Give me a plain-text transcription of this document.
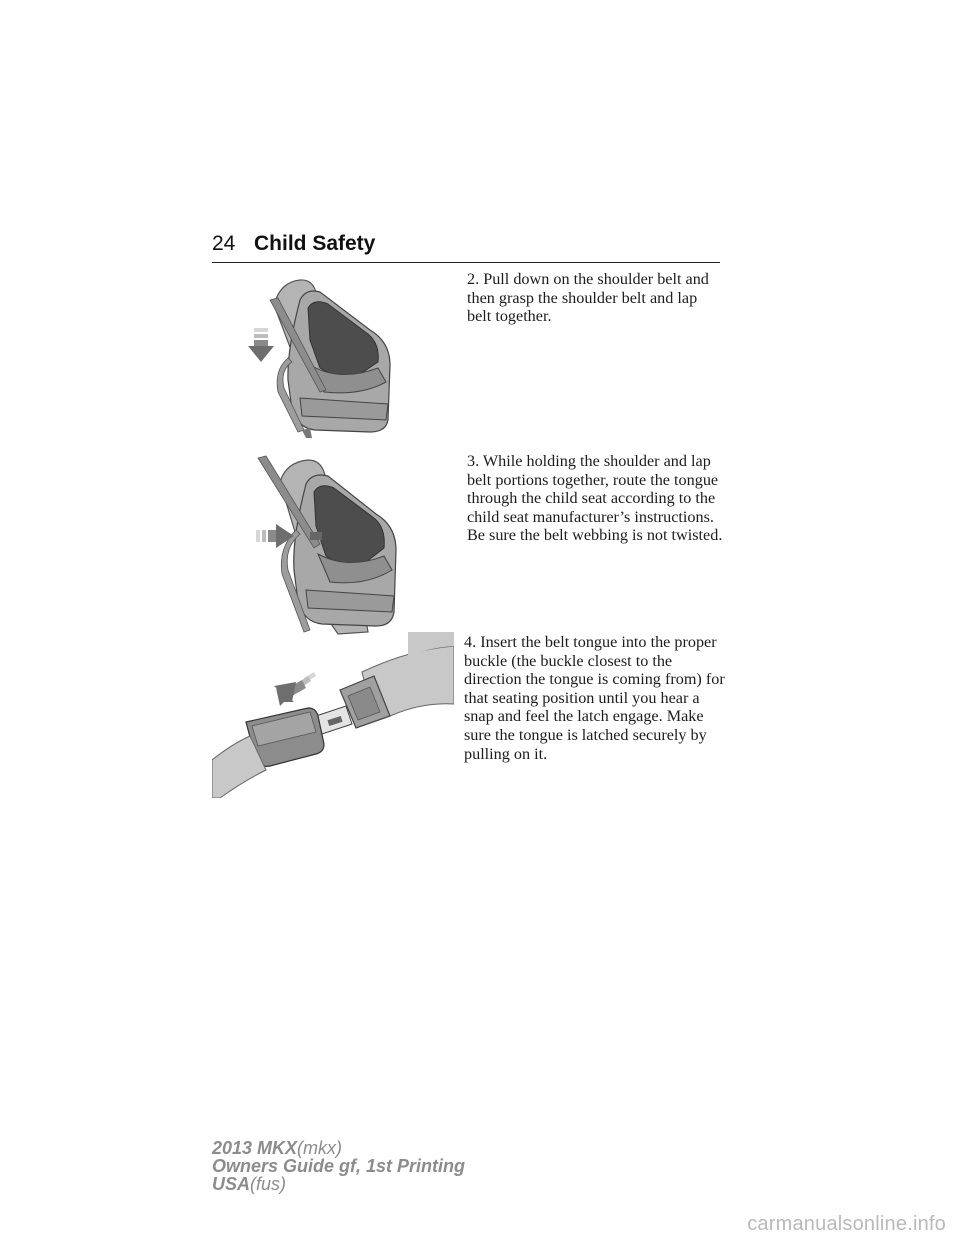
24 Child Safety

2. Pull down on the shoulder belt and then grasp the shoulder belt and lap belt together.

3. While holding the shoulder and lap belt portions together, route the tongue through the child seat according to the child seat manufacturer’s instructions. Be sure the belt webbing is not twisted.

4. Insert the belt tongue into the proper buckle (the buckle closest to the direction the tongue is coming from) for that seating position until you hear a snap and feel the latch engage. Make sure the tongue is latched securely by pulling on it.

2013 MKX(mkx)
Owners Guide gf, 1st Printing
USA(fus)
carmanualsonline.info
